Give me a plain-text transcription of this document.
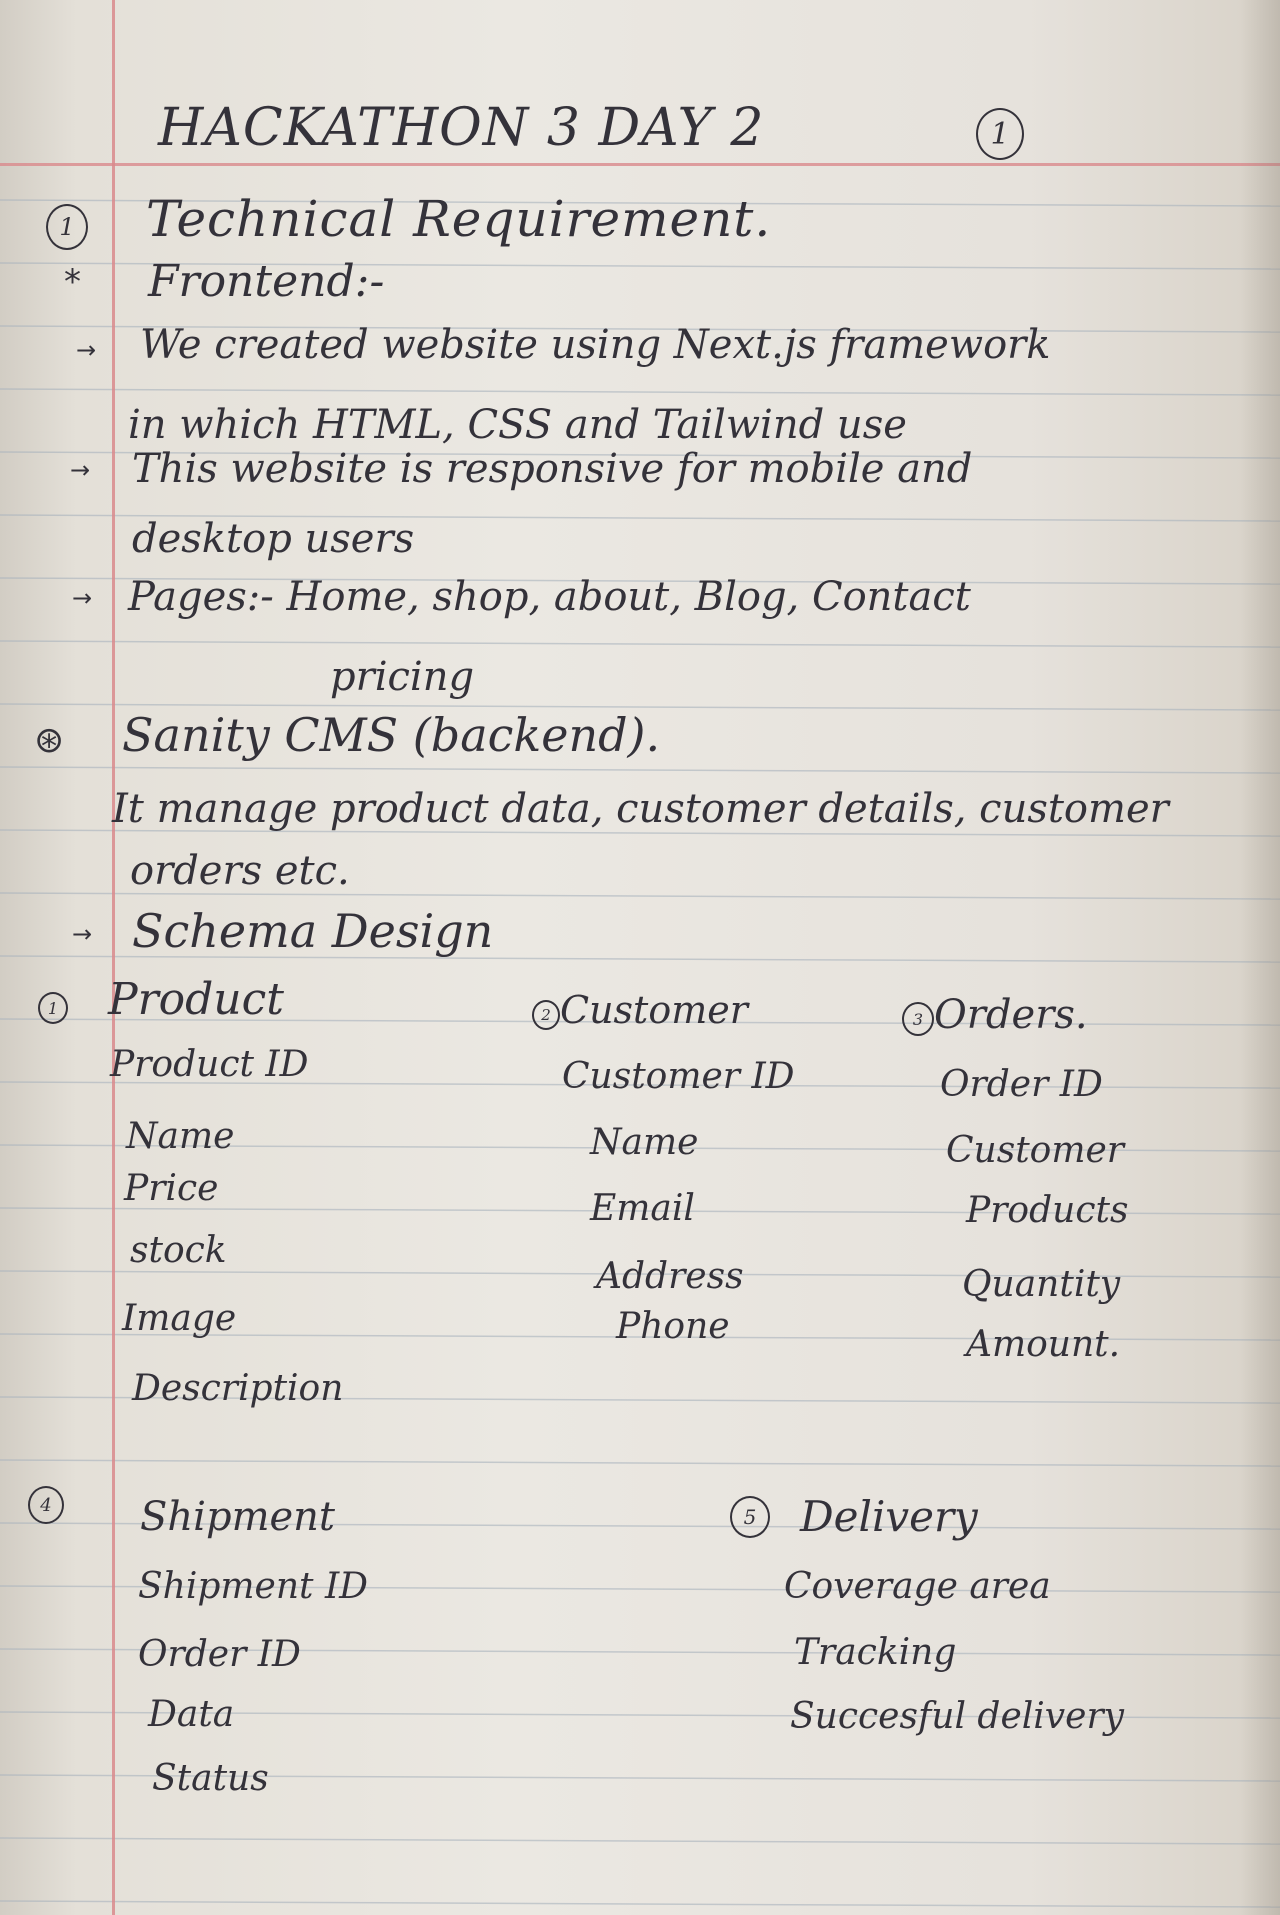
HACKATHON 3 DAY 2	1
1 Technical Requirement.
* Frontend:-
→ We created website using Next.js framework
in which HTML, CSS and Tailwind use
→ This website is responsive for mobile and
desktop users
→ Pages:- Home, shop, about, Blog, Contact
pricing
⊛ Sanity CMS (backend).
It manage product data, customer details, customer
orders etc.
→ Schema Design
1 Product
Product ID
Name
Price
stock
Image
Description
2 Customer
Customer ID
Name
Email
Address
Phone
3 Orders.
Order ID
Customer
Products
Quantity
Amount.
4	Shipment
Shipment ID
Order ID
Data
Status
5	Delivery
Coverage area
Tracking
Succesful delivery
